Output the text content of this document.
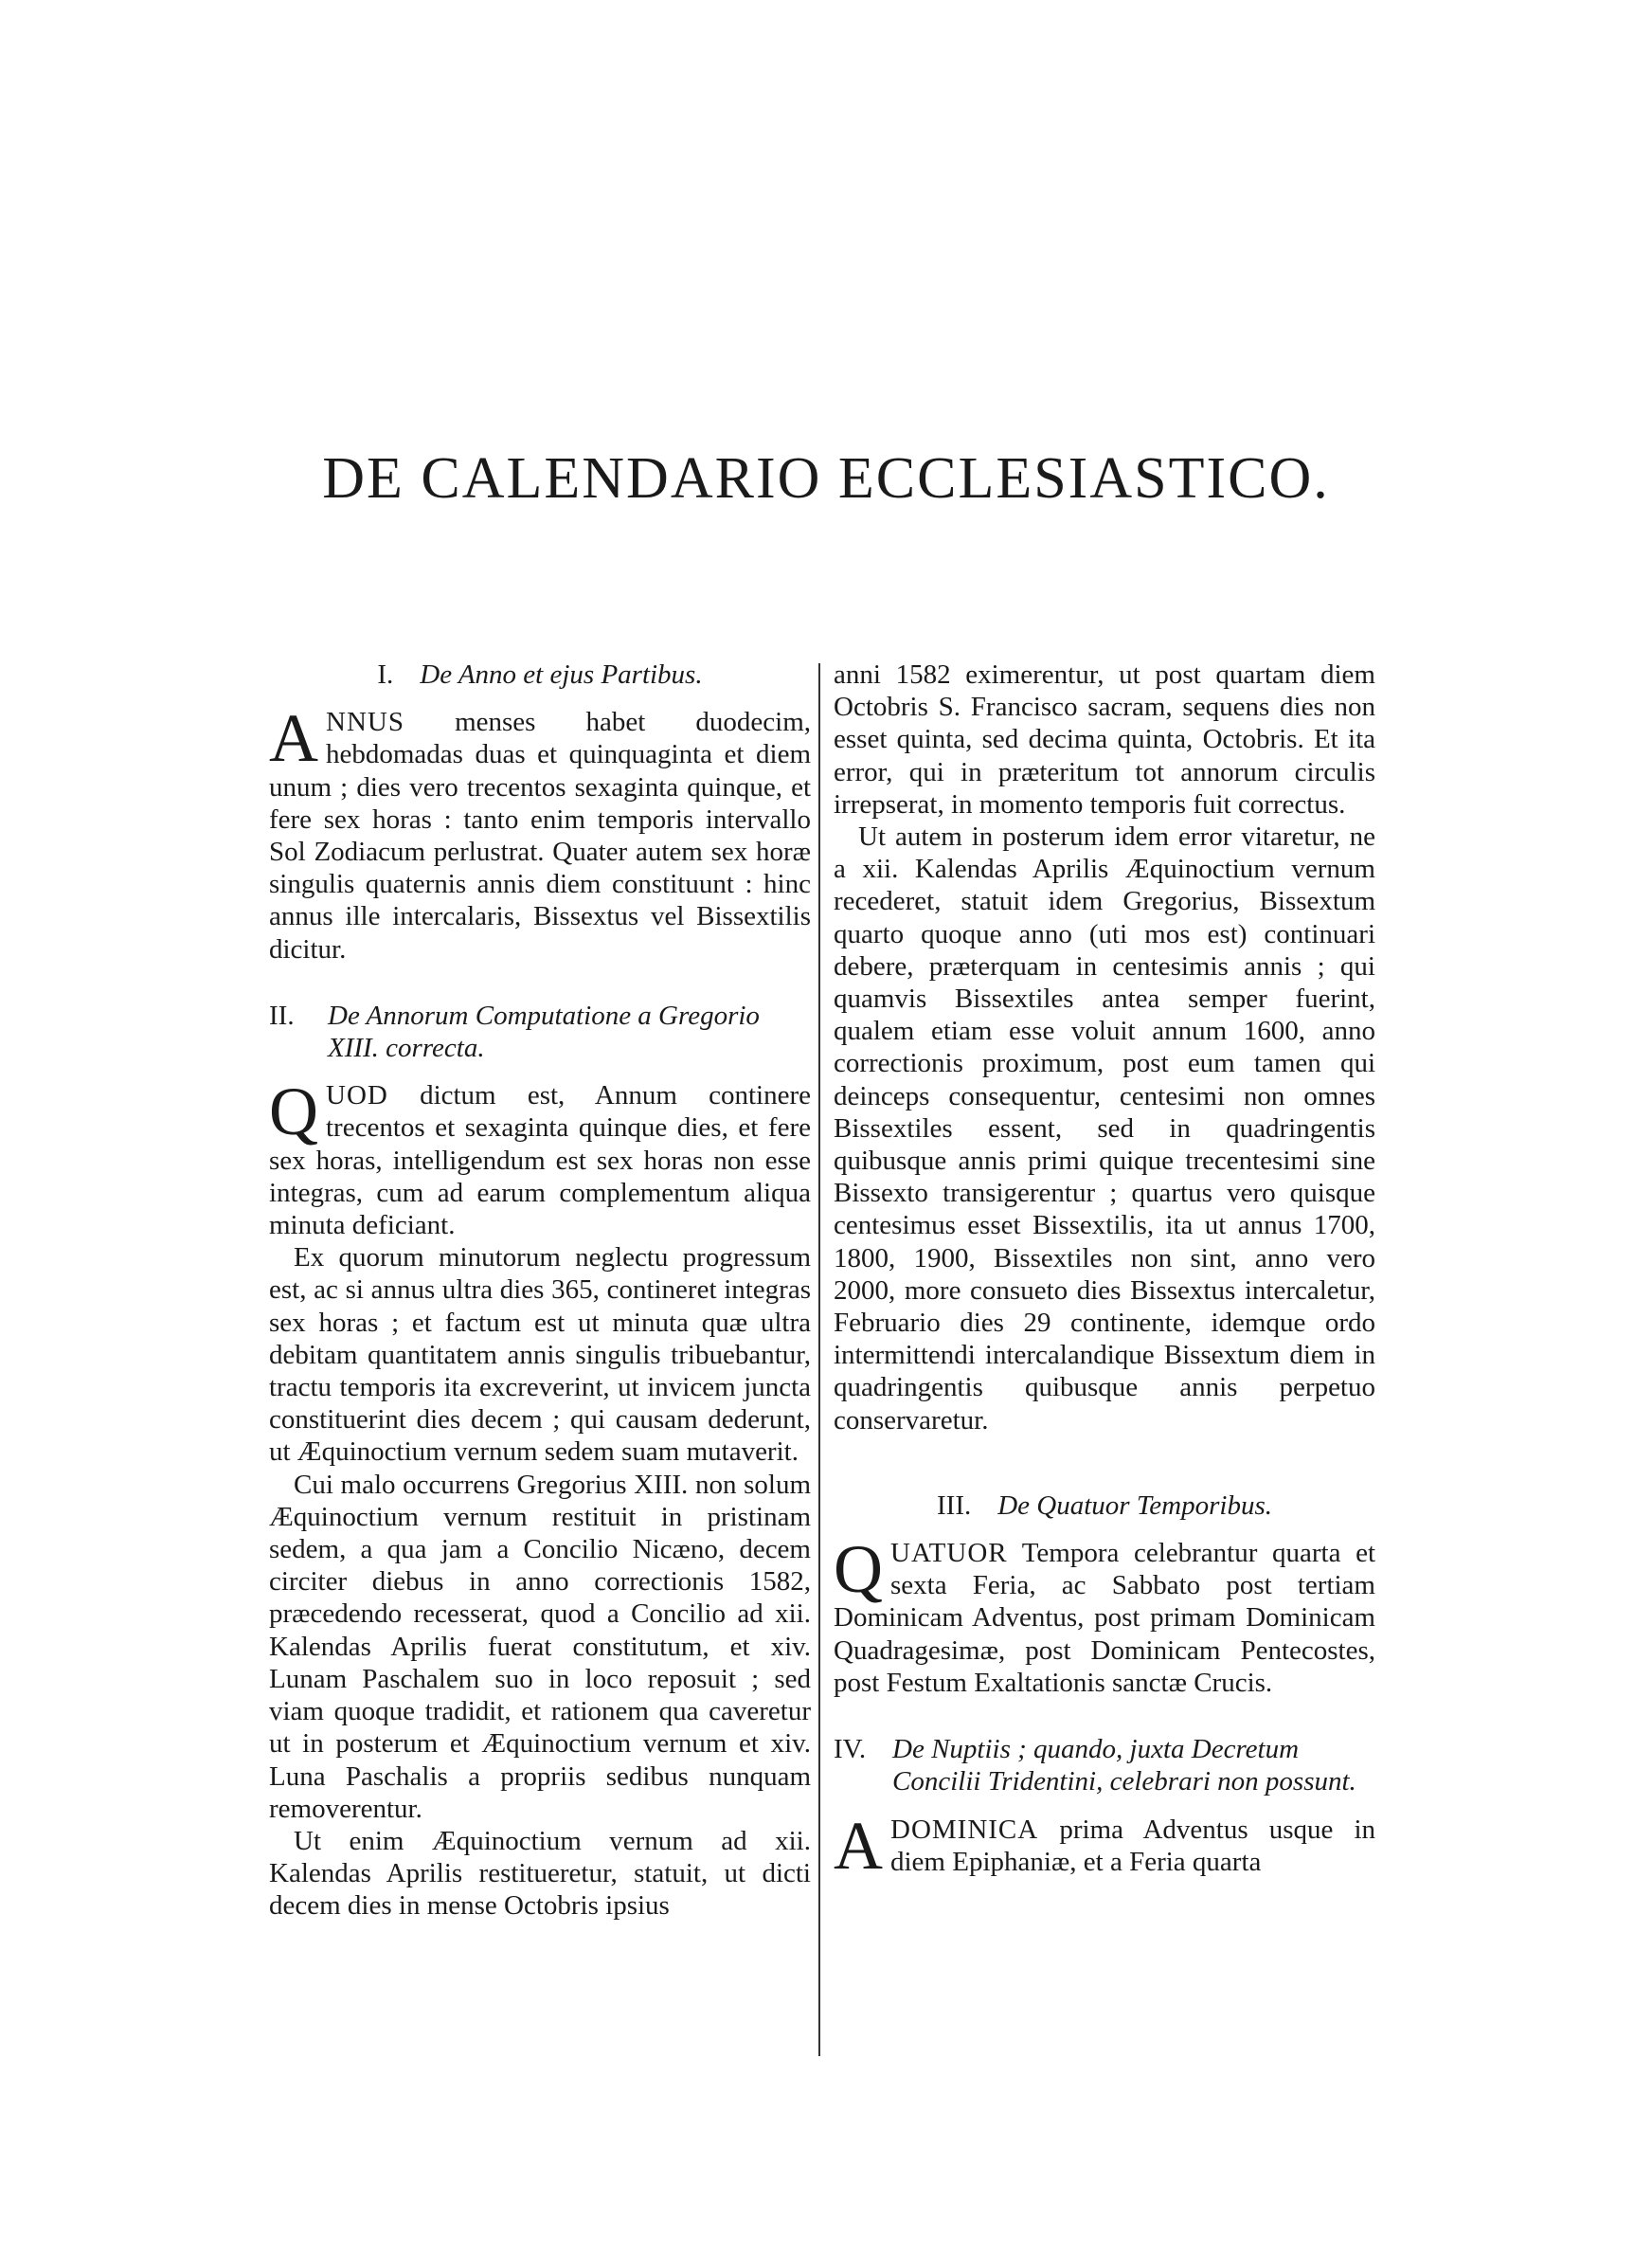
DE CALENDARIO ECCLESIASTICO.
I. De Anno et ejus Partibus.

ANNUS menses habet duodecim, hebdomadas duas et quinquaginta et diem unum ; dies vero trecentos sexaginta quinque, et fere sex horas : tanto enim temporis intervallo Sol Zodiacum perlustrat. Quater autem sex horæ singulis quaternis annis diem constituunt : hinc annus ille intercalaris, Bissextus vel Bissextilis dicitur.

II.	De Annorum Computatione a Gregorio XIII. correcta.

QUOD dictum est, Annum continere trecentos et sexaginta quinque dies, et fere sex horas, intelligendum est sex horas non esse integras, cum ad earum complementum aliqua minuta deficiant.

Ex quorum minutorum neglectu progressum est, ac si annus ultra dies 365, contineret integras sex horas ; et factum est ut minuta quæ ultra debitam quantitatem annis singulis tribuebantur, tractu temporis ita excreverint, ut invicem juncta constituerint dies decem ; qui causam dederunt, ut Æquinoctium vernum sedem suam mutaverit.

Cui malo occurrens Gregorius XIII. non solum Æquinoctium vernum restituit in pristinam sedem, a qua jam a Concilio Nicæno, decem circiter diebus in anno correctionis 1582, præcedendo recesserat, quod a Concilio ad xii. Kalendas Aprilis fuerat constitutum, et xiv. Lunam Paschalem suo in loco reposuit ; sed viam quoque tradidit, et rationem qua caveretur ut in posterum et Æquinoctium vernum et xiv. Luna Paschalis a propriis sedibus nunquam removerentur.

Ut enim Æquinoctium vernum ad xii. Kalendas Aprilis restitueretur, statuit, ut dicti decem dies in mense Octobris ipsius

anni 1582 eximerentur, ut post quartam diem Octobris S. Francisco sacram, sequens dies non esset quinta, sed decima quinta, Octobris. Et ita error, qui in præteritum tot annorum circulis irrepserat, in momento temporis fuit correctus.

Ut autem in posterum idem error vitaretur, ne a xii. Kalendas Aprilis Æquinoctium vernum recederet, statuit idem Gregorius, Bissextum quarto quoque anno (uti mos est) continuari debere, præterquam in centesimis annis ; qui quamvis Bissextiles antea semper fuerint, qualem etiam esse voluit annum 1600, anno correctionis proximum, post eum tamen qui deinceps consequentur, centesimi non omnes Bissextiles essent, sed in quadringentis quibusque annis primi quique trecentesimi sine Bissexto transigerentur ; quartus vero quisque centesimus esset Bissextilis, ita ut annus 1700, 1800, 1900, Bissextiles non sint, anno vero 2000, more consueto dies Bissextus intercaletur, Februario dies 29 continente, idemque ordo intermittendi intercalandique Bissextum diem in quadringentis quibusque annis perpetuo conservaretur.

III. De Quatuor Temporibus.

QUATUOR Tempora celebrantur quarta et sexta Feria, ac Sabbato post tertiam Dominicam Adventus, post primam Dominicam Quadragesimæ, post Dominicam Pentecostes, post Festum Exaltationis sanctæ Crucis.

IV. De Nuptiis ; quando, juxta Decretum Concilii Tridentini, celebrari non possunt.

ADOMINICA prima Adventus usque in diem Epiphaniæ, et a Feria quarta
